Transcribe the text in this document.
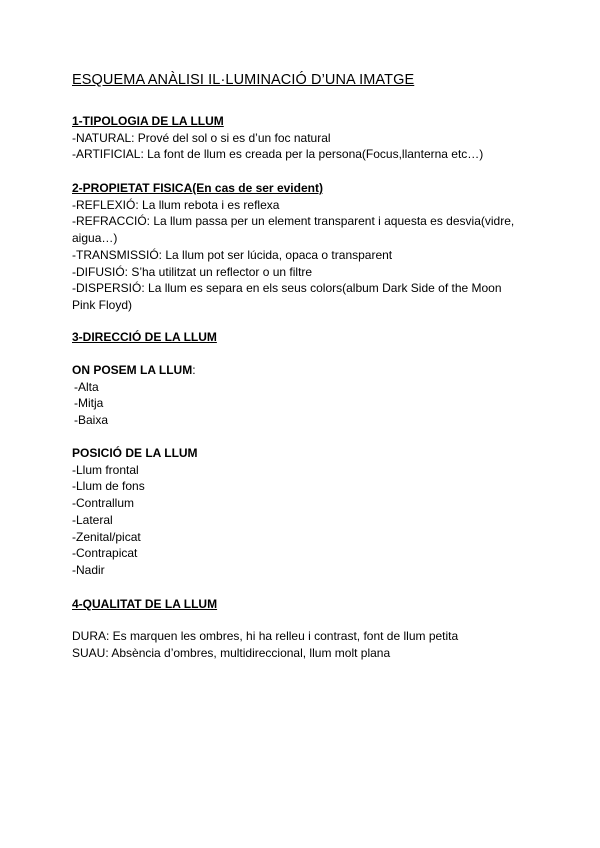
ESQUEMA ANÀLISI IL·LUMINACIÓ D’UNA IMATGE
1-TIPOLOGIA DE LA LLUM
-NATURAL: Prové del sol o si es d’un foc natural
-ARTIFICIAL: La font de llum es creada per la persona(Focus,llanterna etc…)
2-PROPIETAT FISICA(En cas de ser evident)
-REFLEXIÓ: La llum rebota i es reflexa
-REFRACCIÓ: La llum passa per un element transparent i aquesta es desvia(vidre, aigua…)
-TRANSMISSIÓ: La llum pot ser lúcida, opaca o transparent
-DIFUSIÓ: S’ha utilitzat un reflector o un filtre
-DISPERSIÓ: La llum es separa en els seus colors(album Dark Side of the Moon Pink Floyd)
3-DIRECCIÓ DE LA LLUM
ON POSEM LA LLUM:
-Alta
-Mitja
-Baixa
POSICIÓ DE LA LLUM
-Llum frontal
-Llum de fons
-Contrallum
-Lateral
-Zenital/picat
-Contrapicat
-Nadir
4-QUALITAT DE LA LLUM
DURA: Es marquen les ombres, hi ha relleu i contrast, font de llum petita
SUAU: Absència d’ombres, multidireccional, llum molt plana
